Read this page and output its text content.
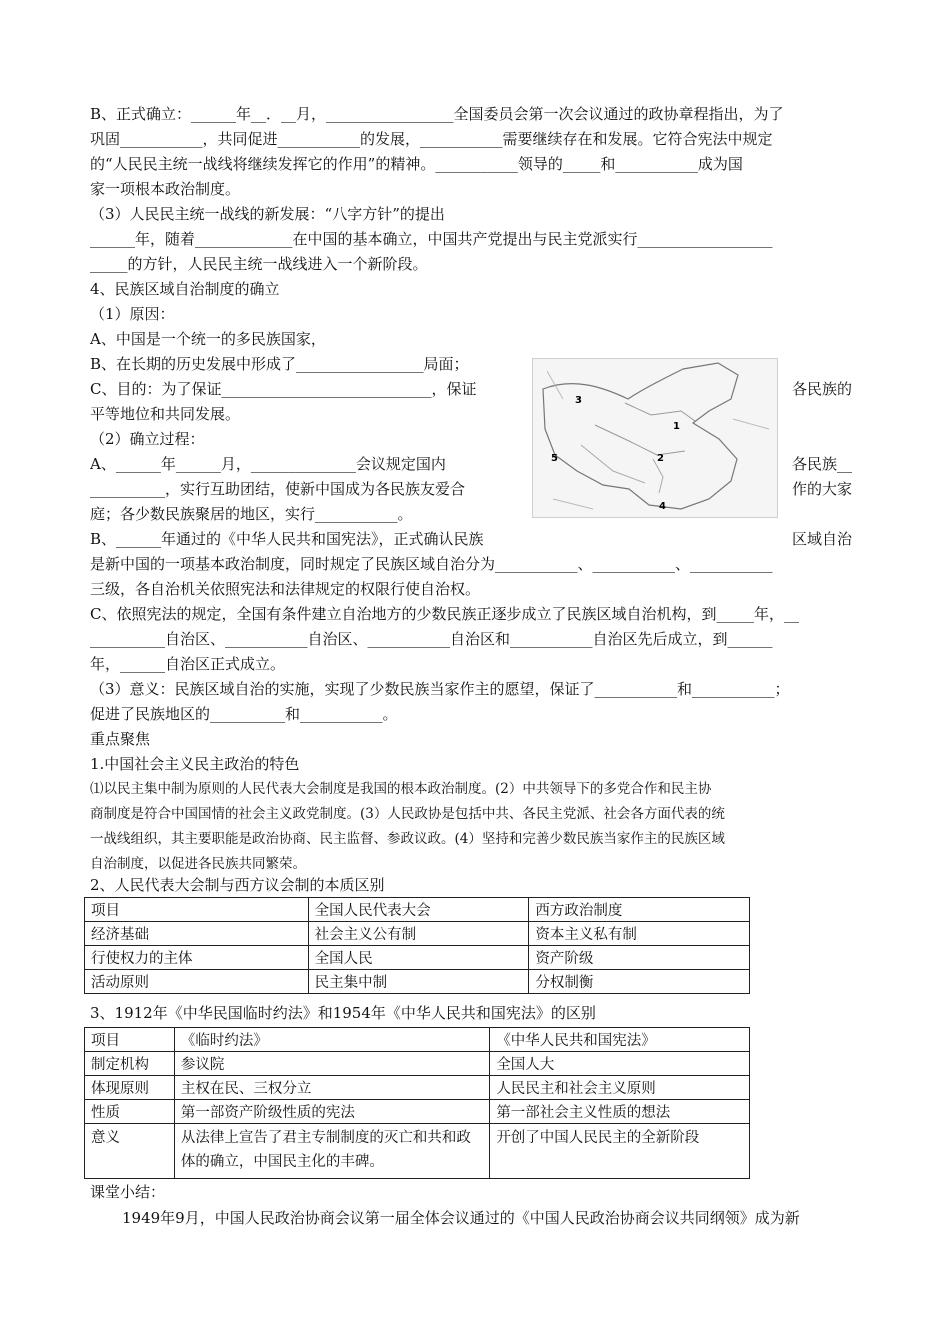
B、正式确立：______年__．__月，_________________全国委员会第一次会议通过的政协章程指出，为了
巩固___________，共同促进___________的发展，___________需要继续存在和发展。它符合宪法中规定
的“人民民主统一战线将继续发挥它的作用”的精神。___________领导的_____和___________成为国
家一项根本政治制度。
（3）人民民主统一战线的新发展：“八字方针”的提出
______年，随着_____________在中国的基本确立，中国共产党提出与民主党派实行__________________
_____的方针，人民民主统一战线进入一个新阶段。
4、民族区域自治制度的确立
（1）原因：
A、中国是一个统一的多民族国家，
B、在长期的历史发展中形成了_________________局面；
C、目的：为了保证____________________________，保证	各民族的
平等地位和共同发展。
（2）确立过程：
A、______年______月，______________会议规定国内	各民族__
__________，实行互助团结，使新中国成为各民族友爱合	作的大家
庭；各少数民族聚居的地区，实行___________。
B、______年通过的《中华人民共和国宪法》，正式确认民族	区域自治
3
1
5	2
4
是新中国的一项基本政治制度，同时规定了民族区域自治分为___________、___________、___________
三级，各自治机关依照宪法和法律规定的权限行使自治权。
C、依照宪法的规定，全国有条件建立自治地方的少数民族正逐步成立了民族区域自治机构，到_____年，__
__________自治区、___________自治区、___________自治区和___________自治区先后成立，到______
年，______自治区正式成立。
（3）意义：民族区域自治的实施，实现了少数民族当家作主的愿望，保证了___________和___________；
促进了民族地区的__________和___________。
重点聚焦
1.中国社会主义民主政治的特色
⑴以民主集中制为原则的人民代表大会制度是我国的根本政治制度。(2）中共领导下的多党合作和民主协
商制度是符合中国国情的社会主义政党制度。(3）人民政协是包括中共、各民主党派、社会各方面代表的统
一战线组织，其主要职能是政治协商、民主监督、参政议政。(4）坚持和完善少数民族当家作主的民族区域
自治制度，以促进各民族共同繁荣。
2、人民代表大会制与西方议会制的本质区别
项目	全国人民代表大会	西方政治制度
经济基础	社会主义公有制	资本主义私有制
行使权力的主体	全国人民	资产阶级
活动原则	民主集中制	分权制衡
3、1912年《中华民国临时约法》和1954年《中华人民共和国宪法》的区别
项目	《临时约法》	《中华人民共和国宪法》
制定机构	参议院	全国人大
体现原则	主权在民、三权分立	人民民主和社会主义原则
性质	第一部资产阶级性质的宪法	第一部社会主义性质的想法
意义	从法律上宣告了君主专制制度的灭亡和共和政体的确立，中国民主化的丰碑。	开创了中国人民民主的全新阶段
课堂小结：
1949年9月，中国人民政治协商会议第一届全体会议通过的《中国人民政治协商会议共同纲领》成为新
